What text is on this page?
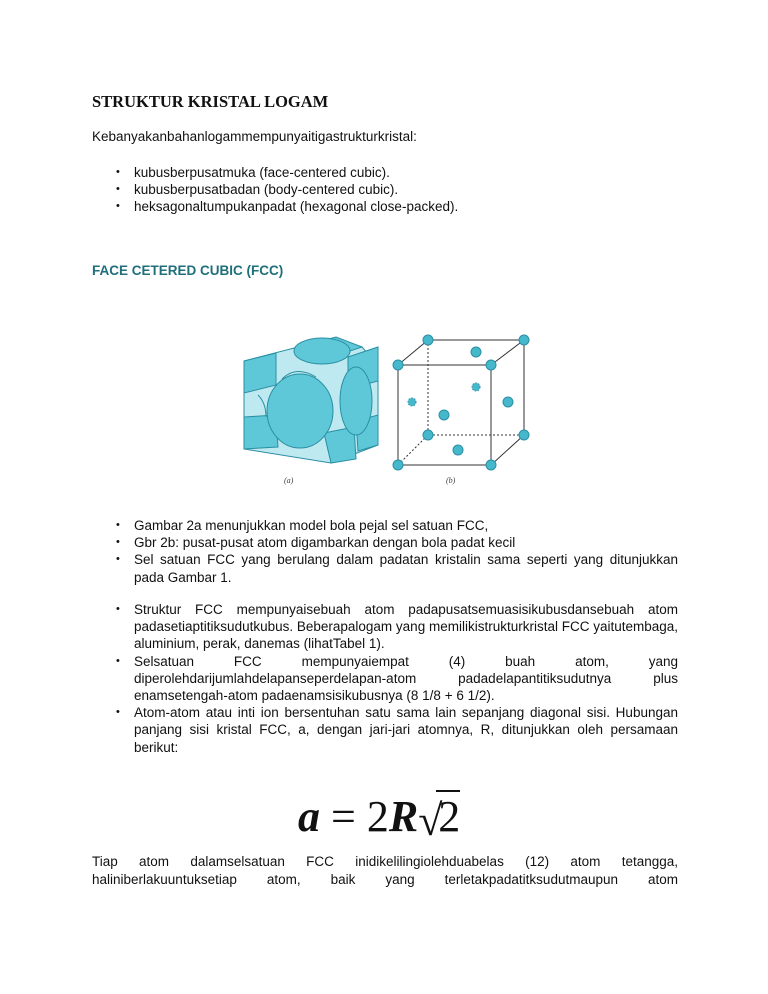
STRUKTUR KRISTAL LOGAM

Kebanyakanbahanlogammempunyaitigastrukturkristal:

• kubusberpusatmuka (face-centered cubic).
• kubusberpusatbadan (body-centered cubic).
• heksagonaltumpukanpadat (hexagonal close-packed).
FACE CETERED CUBIC (FCC)
(a)	(b)
• Gambar 2a menunjukkan model bola pejal sel satuan FCC,
• Gbr 2b: pusat-pusat atom digambarkan dengan bola padat kecil
• Sel satuan FCC yang berulang dalam padatan kristalin sama seperti yang ditunjukkan pada Gambar 1.
• Struktur FCC mempunyaisebuah atom padapusatsemuasisikubusdansebuah atom padasetiaptitiksudutkubus. Beberapalogam yang memilikistrukturkristal FCC yaitutembaga, aluminium, perak, danemas (lihatTabel 1).
• Selsatuan FCC mempunyaiempat (4) buah atom, yang diperolehdarijumlahdelapanseperdelapan-atom padadelapantitiksudutnya plus enamsetengah-atom padaenamsisikubusnya (8 1/8 + 6 1/2).
• Atom-atom atau inti ion bersentuhan satu sama lain sepanjang diagonal sisi. Hubungan panjang sisi kristal FCC, a, dengan jari-jari atomnya, R, ditunjukkan oleh persamaan berikut:
a = 2R √
2

Tiap atom dalamselsatuan FCC inidikelilingiolehduabelas (12) atom tetangga, haliniberlakuuntuksetiap atom, baik yang terletakpadatitksudutmaupun atom
